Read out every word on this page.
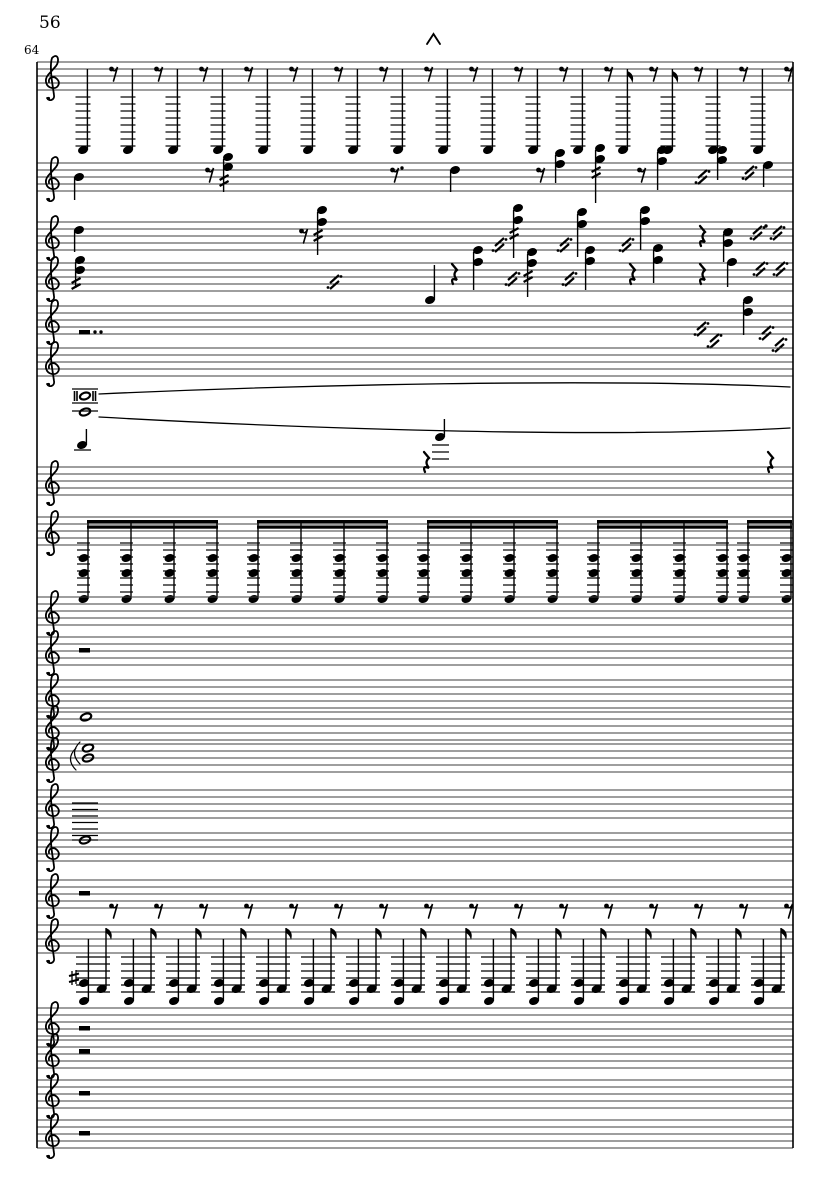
56
64
